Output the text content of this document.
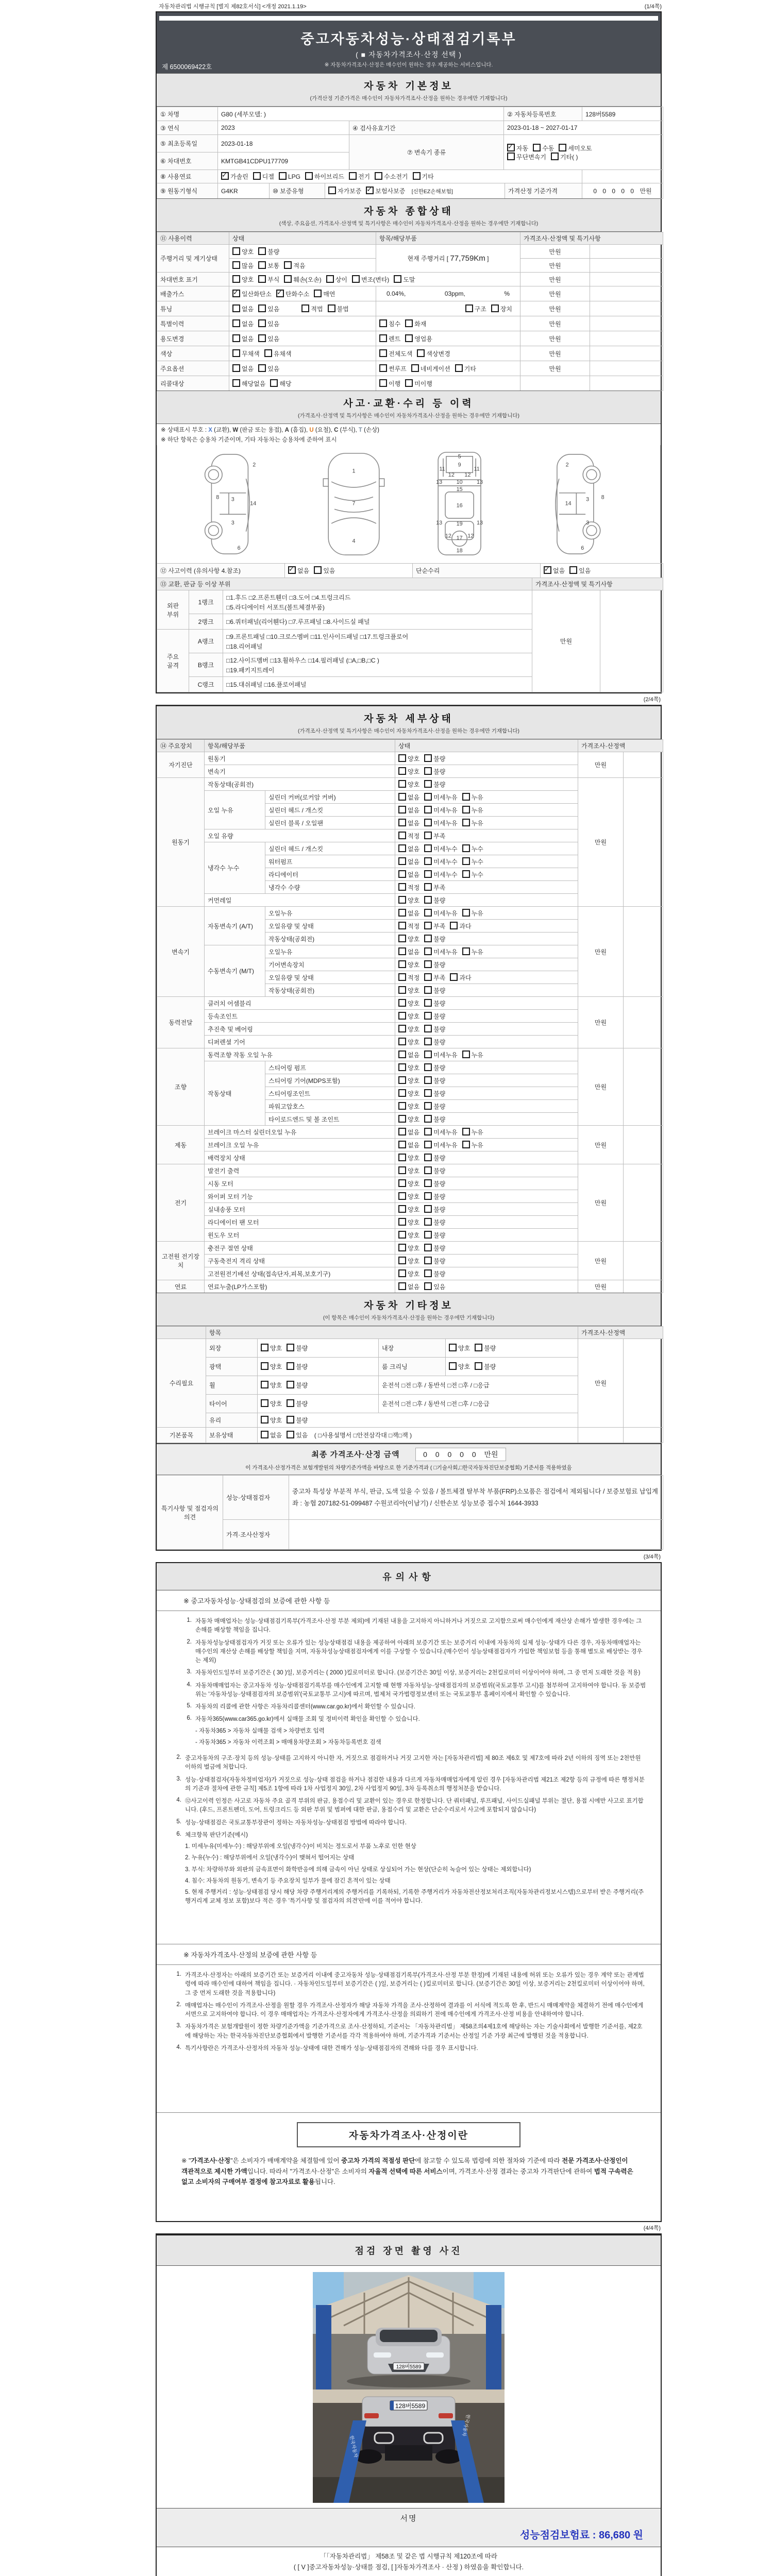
자동차관리법 시행규칙 [별지 제82호서식] <개정 2021.1.19>	(1/4쪽)
중고자동차성능·상태점검기록부
( ■ 자동차가격조사·산정 선택 )
※ 자동차가격조사·산정은 매수인이 원하는 경우 제공하는 서비스입니다.
제 6500069422호
자동차 기본정보
(가격산정 기준가격은 매수인이 자동차가격조사·산정을 원하는 경우에만 기재합니다)
① 차명	G80 (세부모델: )		② 자동차등록번호	128버5589
③ 연식	2023	④ 검사유효기간	2023-01-18 ~ 2027-01-17	
⑤ 최초등록일	2023-01-18	⑦ 변속기 종류	
✓자동 수동 세미오토
무단변속기 기타( )

⑥ 차대번호	KMTGB41CDPU177709			
⑧ 사용연료	✓가솔린 디젤 LPG 하이브리드 전기 수소전기 기타	
⑨ 원동기형식	G4KR	⑩ 보증유형	자가보증 ✓ 보험사보증 [신한EZ손해보험]	가격산정 기준가격	0 0 0 0 0 만원
자동차 종합상태
(색상, 주요옵션, 가격조사·산정액 및 특기사항은 매수인이 자동차가격조사·산정을 원하는 경우에만 기재합니다)
⑪ 사용이력	상태	항목/해당부품	가격조사·산정액 및 특기사항	
주행거리 및 계기상태	양호 불량	현재 주행거리 [ 77,759Km ]	만원	
	많음 보통 적음		만원	
차대번호 표기	양호 부식 훼손(오손) 상이 변조(변타) 도말		만원	
배출가스	✓일산화탄소 ✓ 탄화수소 매연	0.04%, 03ppm, %	만원	
튜닝	없음 있음 적법 불법	구조 장치	만원	
특별이력	없음 있음	침수 화재	만원	
용도변경	없음 있음	렌트 영업용	만원	
색상	무채색 유채색	전체도색 색상변경	만원	
주요옵션	없음 있음	썬루프 네비게이션 기타	만원	
리콜대상	해당없음 해당	이행 미이행		
사고·교환·수리 등 이력
(가격조사·산정액 및 특기사항은 매수인이 자동차가격조사·산정을 원하는 경우에만 기재합니다)
※ 상태표시 부호 : X (교환), W (판금 또는 용접), A (흠집), U (요철), C (부식), T (손상)
※ 하단 항목은 승용차 기준이며, 기타 자동차는 승용차에 준하여 표시
2
8 3
14
3
6
1
7
4
5
9
11	11
12 12
13	13
10
15
16
13 19 13
12 17 12
18
2
8
3
14
3
6
⑫ 사고이력 (유의사항 4.참조)	✓없음 있음	단순수리	✓없음 있음
⑬ 교환, 판금 등 이상 부위			가격조사·산정액 및 특기사항	
외판
부위	1랭크	
□1.후드 □2.프론트휀더 □3.도어 □4.트렁크리드
□5.라디에이터 서포트(볼트체결부품)
	만원	
	2랭크	□6.쿼터패널(리어휀다) □7.루프패널 □8.사이드실 패널		

주요
골격	A랭크	
□9.프론트패널 □10.크로스멤버 □11.인사이드패널 □17.트렁크플로어
□18.리어패널

	B랭크	□12.사이드멤버 □13.휠하우스 □14.필러패널 (□A,□B,□C )
□19.패키지트레이		

	C랭크	□15.대쉬패널 □16.플로어패널		
(2/4쪽)
자동차 세부상태
(가격조사·산정액 및 특기사항은 매수인이 자동차가격조사·산정을 원하는 경우에만 기재합니다)
⑭ 주요장치	항목/해당부품		상태	가격조사·산정액	
자기진단	원동기		양호 불량	만원	
	변속기		양호 불량		
원동기	작동상태(공회전)		양호 불량	만원	
	오일 누유	실린더 커버(로커암 커버)	없음 미세누유 누유		
		실린더 헤드 / 개스킷	없음 미세누유 누유		
		실린더 블록 / 오일팬	없음 미세누유 누유		
	오일 유량		적정 부족		
	냉각수 누수	실린더 헤드 / 개스킷	없음 미세누수 누수		
		워터펌프	없음 미세누수 누수		
		라디에이터	없음 미세누수 누수		
		냉각수 수량	적정 부족		
	커먼레일		양호 불량		
변속기	자동변속기 (A/T)	오일누유	없음 미세누유 누유	만원	
		오일유량 및 상태	적정 부족 과다		
		작동상태(공회전)	양호 불량		
	수동변속기 (M/T)	오일누유	없음 미세누유 누유		
		기어변속장치	양호 불량		
		오일유량 및 상태	적정 부족 과다		
		작동상태(공회전)	양호 불량		
동력전달	클러치 어셈블리		양호 불량	만원	
	등속조인트		양호 불량		
	추진축 및 베어링		양호 불량		
	디퍼렌셜 기어		양호 불량		
조향	동력조향 작동 오일 누유		없음 미세누유 누유	만원	
	작동상태	스티어링 펌프	양호 불량		
		스티어링 기어(MDPS포함)	양호 불량		
		스티어링조인트	양호 불량		
		파워고압호스	양호 불량		
		타이로드엔드 및 볼 조인트	양호 불량		
제동	브레이크 마스터 실린더오일 누유		없음 미세누유 누유	만원	
	브레이크 오일 누유		없음 미세누유 누유		
	배력장치 상태		양호 불량		
전기	발전기 출력		양호 불량	만원	
	시동 모터		양호 불량		
	와이퍼 모터 기능		양호 불량		
	실내송풍 모터		양호 불량		
	라디에이터 팬 모터		양호 불량		
	윈도우 모터		양호 불량		
고전원 전기장치	충전구 절연 상태		양호 불량	만원	
	구동축전지 격리 상태		양호 불량		
	고전원전기배선 상태(접속단자,피복,보호기구)		양호 불량		
연료	연료누출(LP가스포함)		없음 있음	만원	
자동차 기타정보
(이 항목은 매수인이 자동차가격조사·산정을 원하는 경우에만 기재합니다)
	항목				가격조사·산정액	
수리필요	외장	양호 불량	내장	양호 불량	만원	
	광택	양호 불량	룸 크리닝	양호 불량		
	휠	양호 불량	운전석 □전 □후 / 동반석 □전 □후 / □응급			
	타이어	양호 불량	운전석 □전 □후 / 동반석 □전 □후 / □응급			
	유리	양호 불량				
기본품목	보유상태	없음 있음 ( □사용설명서 □안전삼각대 □잭□잭 )				
최종 가격조사·산정 금액	0 0 0 0 0 만원
이 가격조사·산정가격은 보험개발원의 차량기준가액을 바탕으로 한 기준가격과 ( □기술사회,□한국자동차진단보증협회) 기준서를 적용하였음
특기사항 및 점검자의 의견	성능·상태점검자	중고차 특성상 부분적 부식, 판금, 도색 있을 수 있음 / 볼트체결 탈부착 부품(FRP)소모품은 점검에서 제외됩니다 / 보증보험료 납입계좌 : 농협 207182-51-099487 수원코리아(이남기) / 신한손보 성능보증 접수처 1644-3933
	가격·조사산정자	
(3/4쪽)
유의사항
※ 중고자동차성능·상태점검의 보증에 관한 사항 등
1. 자동차 매매업자는 성능·상태점검기록부(가격조사·산정 부분 제외)에 기재된 내용을 고지하지 아니하거나 거짓으로 고지함으로써 매수인에게 재산상 손해가 발생한 경우에는 그 손해를 배상할 책임을 집니다.
2. 자동차성능상태점검자가 거짓 또는 오류가 있는 성능상태점검 내용을 제공하여 아래의 보증기간 또는 보증거리 이내에 자동차의 실제 성능·상태가 다른 경우, 자동차매매업자는 매수인의 재산상 손해를 배상할 책임을 지며, 자동차성능상태점검자에게 이를 구상할 수 있습니다.(매수인이 성능상태점검자가 가입한 책임보험 등을 통해 별도로 배상받는 경우는 제외)
3. 자동차인도일부터 보증기간은 ( 30 )일, 보증거리는 ( 2000 )킬로미터로 합니다. (보증기간은 30일 이상, 보증거리는 2천킬로미터 이상이어야 하며, 그 중 먼저 도래한 것을 적용)
4. 자동차매매업자는 중고자동차 성능·상태점검기록부를 매수인에게 고지할 때 현행 자동차성능·상태점검자의 보증범위(국토교통부 고시)를 첨부하여 고지하여야 합니다. 동 보증범위는 '자동차성능·상태점검자의 보증범위'(국토교통부 고시)에 따르며, 법제처 국가법령정보센터 또는 국토교통부 홈페이지에서 확인할 수 있습니다.
5. 자동차의 리콜에 관한 사항은 자동차리콜센터(www.car.go.kr)에서 확인할 수 있습니다.
6. 자동차365(www.car365.go.kr)에서 실매물 조회 및 정비이력 확인을 확인할 수 있습니다.
- 자동차365 > 자동차 실매물 검색 > 차량번호 입력
- 자동차365 > 자동차 이력조회 > 매매용차량조회 > 자동차등록번호 검색
2. 중고자동차의 구조·장치 등의 성능·상태를 고지하지 아니한 자, 거짓으로 점검하거나 거짓 고지한 자는 [자동차관리법] 제 80조 제6호 및 제7호에 따라 2년 이하의 징역 또는 2천만원 이하의 벌금에 처합니다.
3. 성능·상태점검자(자동차정비업자)가 거짓으로 성능·상태 점검을 하거나 점검한 내용과 다르게 자동차매매업자에게 알린 경우 [자동차관리법 제21조 제2항 등의 규정에 따른 행정처분의 기준과 절차에 관한 규칙] 제5조 1항에 따라 1차 사업정지 30일, 2차 사업정지 90일, 3차 등록취소의 행정처분을 받습니다.
4. ⑫사고이력 인정은 사고로 자동차 주요 골격 부위의 판금, 용접수리 및 교환이 있는 경우로 한정합니다. 단 쿼터패널, 루프패널, 사이드실패널 부위는 절단, 용접 시에만 사고로 표기합니다. (후드, 프론트펜더, 도어, 트렁크리드 등 외판 부위 및 범퍼에 대한 판금, 용접수리 및 교환은 단순수리로서 사고에 포함되지 않습니다)
5. 성능·상태점검은 국토교통부장관이 정하는 자동차성능·상태점검 방법에 따라야 합니다.
6. 체크항목 판단기준(예시)
1. 미세누유(미세누수) : 해당부위에 오일(냉각수)이 비치는 정도로서 부품 노후로 인한 현상
2. 누유(누수) : 해당부위에서 오일(냉각수)이 맺혀서 떨어지는 상태
3. 부식: 차량하부와 외판의 금속표면이 화학반응에 의해 금속이 아닌 상태로 상실되어 가는 현상(단순히 녹슬어 있는 상태는 제외합니다)
4. 침수: 자동차의 원동기, 변속기 등 주요장치 일부가 물에 잠긴 흔적이 있는 상태
5. 현재 주행거리 : 성능·상태점검 당시 해당 차량 주행거리계의 주행거리를 기록하되, 기록한 주행거리가 자동차전산정보처리조직(자동차관리정보시스템)으로부터 받은 주행거리(주행거리계 교체 정보 포함)보다 적은 경우 '특기사항 및 점검자의 의견'란에 이를 적어야 합니다.
※ 자동차가격조사·산정의 보증에 관한 사항 등
1. 가격조사·산정자는 아래의 보증기간 또는 보증거리 이내에 중고자동차 성능·상태점검기록부(가격조사·산정 부분 한정)에 기재된 내용에 허위 또는 오류가 있는 경우 계약 또는 관계법령에 따라 매수인에 대하여 책임을 집니다. · 자동차인도일부터 보증기간은 ( )일, 보증거리는 ( )킬로미터로 합니다. (보증기간은 30일 이상, 보증거리는 2천킬로미터 이상이어야 하며, 그 중 먼저 도래한 것을 적용합니다)
2. 매매업자는 매수인이 가격조사·산정을 원할 경우 가격조사·산정자가 해당 자동차 가격을 조사·산정하여 결과를 이 서식에 적도록 한 후, 반드시 매매계약을 체결하기 전에 매수인에게 서면으로 고지하여야 합니다. 이 경우 매매업자는 가격조사·산정자에게 가격조사·산정을 의뢰하기 전에 매수인에게 가격조사·산정 비용을 안내하여야 합니다.
3. 자동차가격은 보험개발원이 정한 차량기준가액을 기준가격으로 조사·산정하되, 기준서는 「자동차관리법」 제58조의4제1호에 해당하는 자는 기술사회에서 발행한 기준서를, 제2호에 해당하는 자는 한국자동차진단보증협회에서 발행한 기준서를 각각 적용하여야 하며, 기준가격과 기준서는 산정일 기준 가장 최근에 발행된 것을 적용합니다.
4. 특기사항란은 가격조사·산정자의 자동차 성능·상태에 대한 견해가 성능·상태점검자의 견해와 다를 경우 표시합니다.
자동차가격조사·산정이란
※ "가격조사·산정"은 소비자가 매매계약을 체결함에 있어 중고차 가격의 적절성 판단에 참고할 수 있도록 법령에 의한 절차와 기준에 따라 전문 가격조사·산정인이 객관적으로 제시한 가액입니다. 따라서 "가격조사·산정"은 소비자의 자율적 선택에 따른 서비스이며, 가격조사·산정 결과는 중고차 가격판단에 관하여 법적 구속력은 없고 소비자의 구매여부 결정에 참고자료로 활용됩니다.
(4/4쪽)
점검 장면 촬영 사진
128버5589
128버5589
한국자동차
한국자동차
서명
성능점검보험료 : 86,680 원
「「자동차관리법」 제58조 및 같은 법 시행규칙 제120조에 따라
( [ V ]중고자동차성능·상태를 점검, [ ]자동차가격조사 · 산정 ) 하였음을 확인합니다.
